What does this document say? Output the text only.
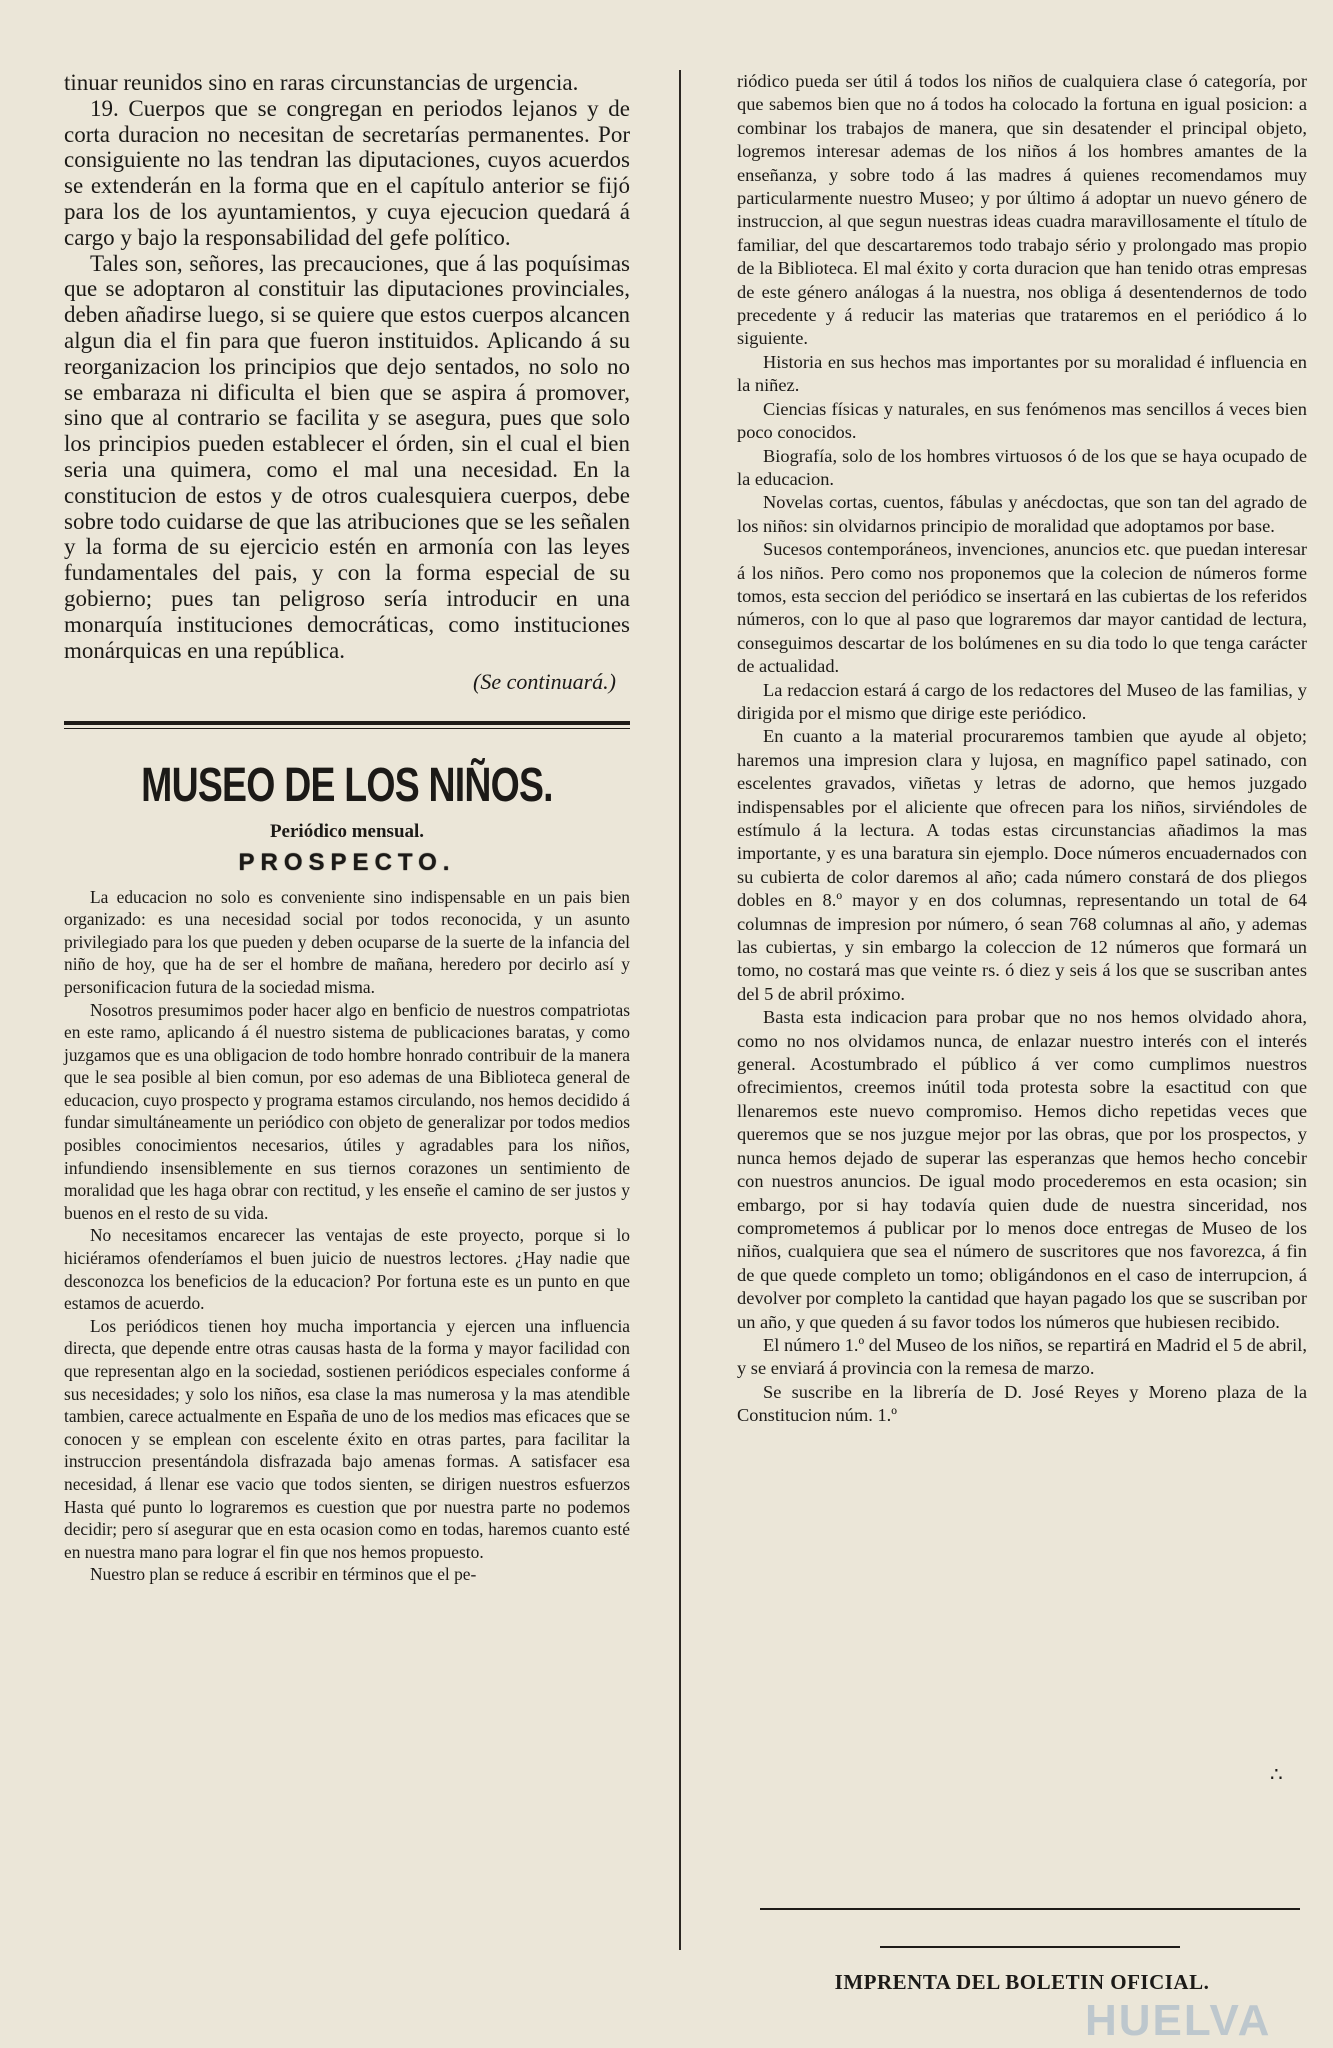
tinuar reunidos sino en raras circunstancias de urgencia.

19. Cuerpos que se congregan en periodos lejanos y de corta duracion no necesitan de secretarías permanentes. Por consiguiente no las tendran las diputaciones, cuyos acuerdos se extenderán en la forma que en el capítulo anterior se fijó para los de los ayuntamientos, y cuya ejecucion quedará á cargo y bajo la responsabilidad del gefe político.

Tales son, señores, las precauciones, que á las poquísimas que se adoptaron al constituir las diputaciones provinciales, deben añadirse luego, si se quiere que estos cuerpos alcancen algun dia el fin para que fueron instituidos. Aplicando á su reorganizacion los principios que dejo sentados, no solo no se embaraza ni dificulta el bien que se aspira á promover, sino que al contrario se facilita y se asegura, pues que solo los principios pueden establecer el órden, sin el cual el bien seria una quimera, como el mal una necesidad. En la constitucion de estos y de otros cualesquiera cuerpos, debe sobre todo cuidarse de que las atribuciones que se les señalen y la forma de su ejercicio estén en armonía con las leyes fundamentales del pais, y con la forma especial de su gobierno; pues tan peligroso sería introducir en una monarquía instituciones democráticas, como instituciones monárquicas en una república.

(Se continuará.)
MUSEO DE LOS NIÑOS.
Periódico mensual.
PROSPECTO.

La educacion no solo es conveniente sino indispensable en un pais bien organizado: es una necesidad social por todos reconocida, y un asunto privilegiado para los que pueden y deben ocuparse de la suerte de la infancia del niño de hoy, que ha de ser el hombre de mañana, heredero por decirlo así y personificacion futura de la sociedad misma.

Nosotros presumimos poder hacer algo en benficio de nuestros compatriotas en este ramo, aplicando á él nuestro sistema de publicaciones baratas, y como juzgamos que es una obligacion de todo hombre honrado contribuir de la manera que le sea posible al bien comun, por eso ademas de una Biblioteca general de educacion, cuyo prospecto y programa estamos circulando, nos hemos decidido á fundar simultáneamente un periódico con objeto de generalizar por todos medios posibles conocimientos necesarios, útiles y agradables para los niños, infundiendo insensiblemente en sus tiernos corazones un sentimiento de moralidad que les haga obrar con rectitud, y les enseñe el camino de ser justos y buenos en el resto de su vida.

No necesitamos encarecer las ventajas de este proyecto, porque si lo hiciéramos ofenderíamos el buen juicio de nuestros lectores. ¿Hay nadie que desconozca los beneficios de la educacion? Por fortuna este es un punto en que estamos de acuerdo.

Los periódicos tienen hoy mucha importancia y ejercen una influencia directa, que depende entre otras causas hasta de la forma y mayor facilidad con que representan algo en la sociedad, sostienen periódicos especiales conforme á sus necesidades; y solo los niños, esa clase la mas numerosa y la mas atendible tambien, carece actualmente en España de uno de los medios mas eficaces que se conocen y se emplean con escelente éxito en otras partes, para facilitar la instruccion presentándola disfrazada bajo amenas formas. A satisfacer esa necesidad, á llenar ese vacio que todos sienten, se dirigen nuestros esfuerzos Hasta qué punto lo lograremos es cuestion que por nuestra parte no podemos decidir; pero sí asegurar que en esta ocasion como en todas, haremos cuanto esté en nuestra mano para lograr el fin que nos hemos propuesto.

Nuestro plan se reduce á escribir en términos que el pe-

riódico pueda ser útil á todos los niños de cualquiera clase ó categoría, por que sabemos bien que no á todos ha colocado la fortuna en igual posicion: a combinar los trabajos de manera, que sin desatender el principal objeto, logremos interesar ademas de los niños á los hombres amantes de la enseñanza, y sobre todo á las madres á quienes recomendamos muy particularmente nuestro Museo; y por último á adoptar un nuevo género de instruccion, al que segun nuestras ideas cuadra maravillosamente el título de familiar, del que descartaremos todo trabajo sério y prolongado mas propio de la Biblioteca. El mal éxito y corta duracion que han tenido otras empresas de este género análogas á la nuestra, nos obliga á desentendernos de todo precedente y á reducir las materias que trataremos en el periódico á lo siguiente.

Historia en sus hechos mas importantes por su moralidad é influencia en la niñez.

Ciencias físicas y naturales, en sus fenómenos mas sencillos á veces bien poco conocidos.

Biografía, solo de los hombres virtuosos ó de los que se haya ocupado de la educacion.

Novelas cortas, cuentos, fábulas y anécdoctas, que son tan del agrado de los niños: sin olvidarnos principio de moralidad que adoptamos por base.

Sucesos contemporáneos, invenciones, anuncios etc. que puedan interesar á los niños. Pero como nos proponemos que la colecion de números forme tomos, esta seccion del periódico se insertará en las cubiertas de los referidos números, con lo que al paso que lograremos dar mayor cantidad de lectura, conseguimos descartar de los bolúmenes en su dia todo lo que tenga carácter de actualidad.

La redaccion estará á cargo de los redactores del Museo de las familias, y dirigida por el mismo que dirige este periódico.

En cuanto a la material procuraremos tambien que ayude al objeto; haremos una impresion clara y lujosa, en magnífico papel satinado, con escelentes gravados, viñetas y letras de adorno, que hemos juzgado indispensables por el aliciente que ofrecen para los niños, sirviéndoles de estímulo á la lectura. A todas estas circunstancias añadimos la mas importante, y es una baratura sin ejemplo. Doce números encuadernados con su cubierta de color daremos al año; cada número constará de dos pliegos dobles en 8.º mayor y en dos columnas, representando un total de 64 columnas de impresion por número, ó sean 768 columnas al año, y ademas las cubiertas, y sin embargo la coleccion de 12 números que formará un tomo, no costará mas que veinte rs. ó diez y seis á los que se suscriban antes del 5 de abril próximo.

Basta esta indicacion para probar que no nos hemos olvidado ahora, como no nos olvidamos nunca, de enlazar nuestro interés con el interés general. Acostumbrado el público á ver como cumplimos nuestros ofrecimientos, creemos inútil toda protesta sobre la esactitud con que llenaremos este nuevo compromiso. Hemos dicho repetidas veces que queremos que se nos juzgue mejor por las obras, que por los prospectos, y nunca hemos dejado de superar las esperanzas que hemos hecho concebir con nuestros anuncios. De igual modo procederemos en esta ocasion; sin embargo, por si hay todavía quien dude de nuestra sinceridad, nos comprometemos á publicar por lo menos doce entregas de Museo de los niños, cualquiera que sea el número de suscritores que nos favorezca, á fin de que quede completo un tomo; obligándonos en el caso de interrupcion, á devolver por completo la cantidad que hayan pagado los que se suscriban por un año, y que queden á su favor todos los números que hubiesen recibido.

El número 1.º del Museo de los niños, se repartirá en Madrid el 5 de abril, y se enviará á provincia con la remesa de marzo.

Se suscribe en la librería de D. José Reyes y Moreno plaza de la Constitucion núm. 1.º

∴
IMPRENTA DEL BOLETIN OFICIAL.
HUELVA
